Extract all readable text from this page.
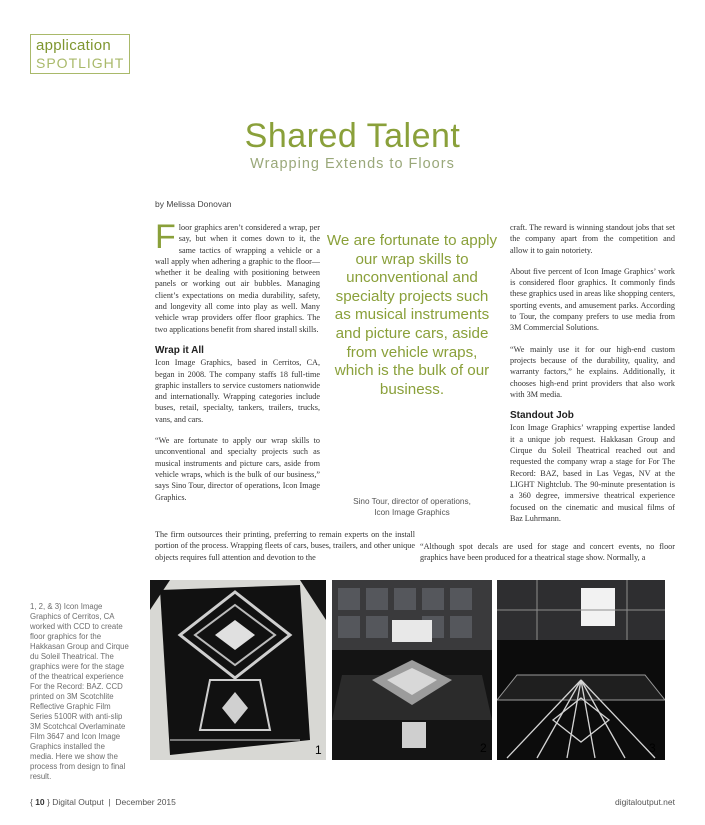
application
SPOTLIGHT
Shared Talent
Wrapping Extends to Floors
by Melissa Donovan

Floor graphics aren’t considered a wrap, per say, but when it comes down to it, the same tactics of wrapping a vehicle or a wall apply when adhering a graphic to the floor—whether it be dealing with positioning between panels or working out air bubbles. Managing client’s expectations on media durability, safety, and longevity all come into play as well. Many vehicle wrap providers offer floor graphics. The two applications benefit from shared install skills.

Wrap it All

Icon Image Graphics, based in Cerritos, CA, began in 2008. The company staffs 18 full-time graphic installers to service customers nationwide and internationally. Wrapping categories include buses, retail, specialty, tankers, trailers, trucks, vans, and cars.

“We are fortunate to apply our wrap skills to unconventional and specialty projects such as musical instruments and picture cars, aside from vehicle wraps, which is the bulk of our business,” says Sino Tour, director of operations, Icon Image Graphics.

We are fortunate to apply our wrap skills to unconventional and specialty projects such as musical instruments and picture cars, aside from vehicle wraps, which is the bulk of our business.
Sino Tour, director of operations,
Icon Image Graphics
The firm outsources their printing, preferring to remain experts on the install portion of the process. Wrapping fleets of cars, buses, trailers, and other unique objects requires full attention and devotion to the

craft. The reward is winning standout jobs that set the company apart from the competition and allow it to gain notoriety.

About five percent of Icon Image Graphics’ work is considered floor graphics. It commonly finds these graphics used in areas like shopping centers, sporting events, and amusement parks. According to Tour, the company prefers to use media from 3M Commercial Solutions.

“We mainly use it for our high-end custom projects because of the durability, quality, and warranty factors,” he explains. Additionally, it chooses high-end print providers that also work with 3M media.

Standout Job

Icon Image Graphics’ wrapping expertise landed it a unique job request. Hakkasan Group and Cirque du Soleil Theatrical reached out and requested the company wrap a stage for For The Record: BAZ, based in Las Vegas, NV at the LIGHT Nightclub. The 90-minute presentation is a 360 degree, immersive theatrical experience focused on the cinematic and musical films of Baz Luhrmann.

“Although spot decals are used for stage and concert events, no floor graphics have been produced for a theatrical stage show. Normally, a
1, 2, & 3) Icon Image Graphics of Cerritos, CA worked with CCD to create floor graphics for the Hakkasan Group and Cirque du Soleil Theatrical. The graphics were for the stage of the theatrical experience For the Record: BAZ. CCD printed on 3M Scotchlite Reflective Graphic Film Series 5100R with anti-slip 3M Scotchcal Overlaminate Film 3647 and Icon Image Graphics installed the media. Here we show the process from design to final result.
1	2	3
{ 10 } Digital Output  |  December 2015	digitaloutput.net
